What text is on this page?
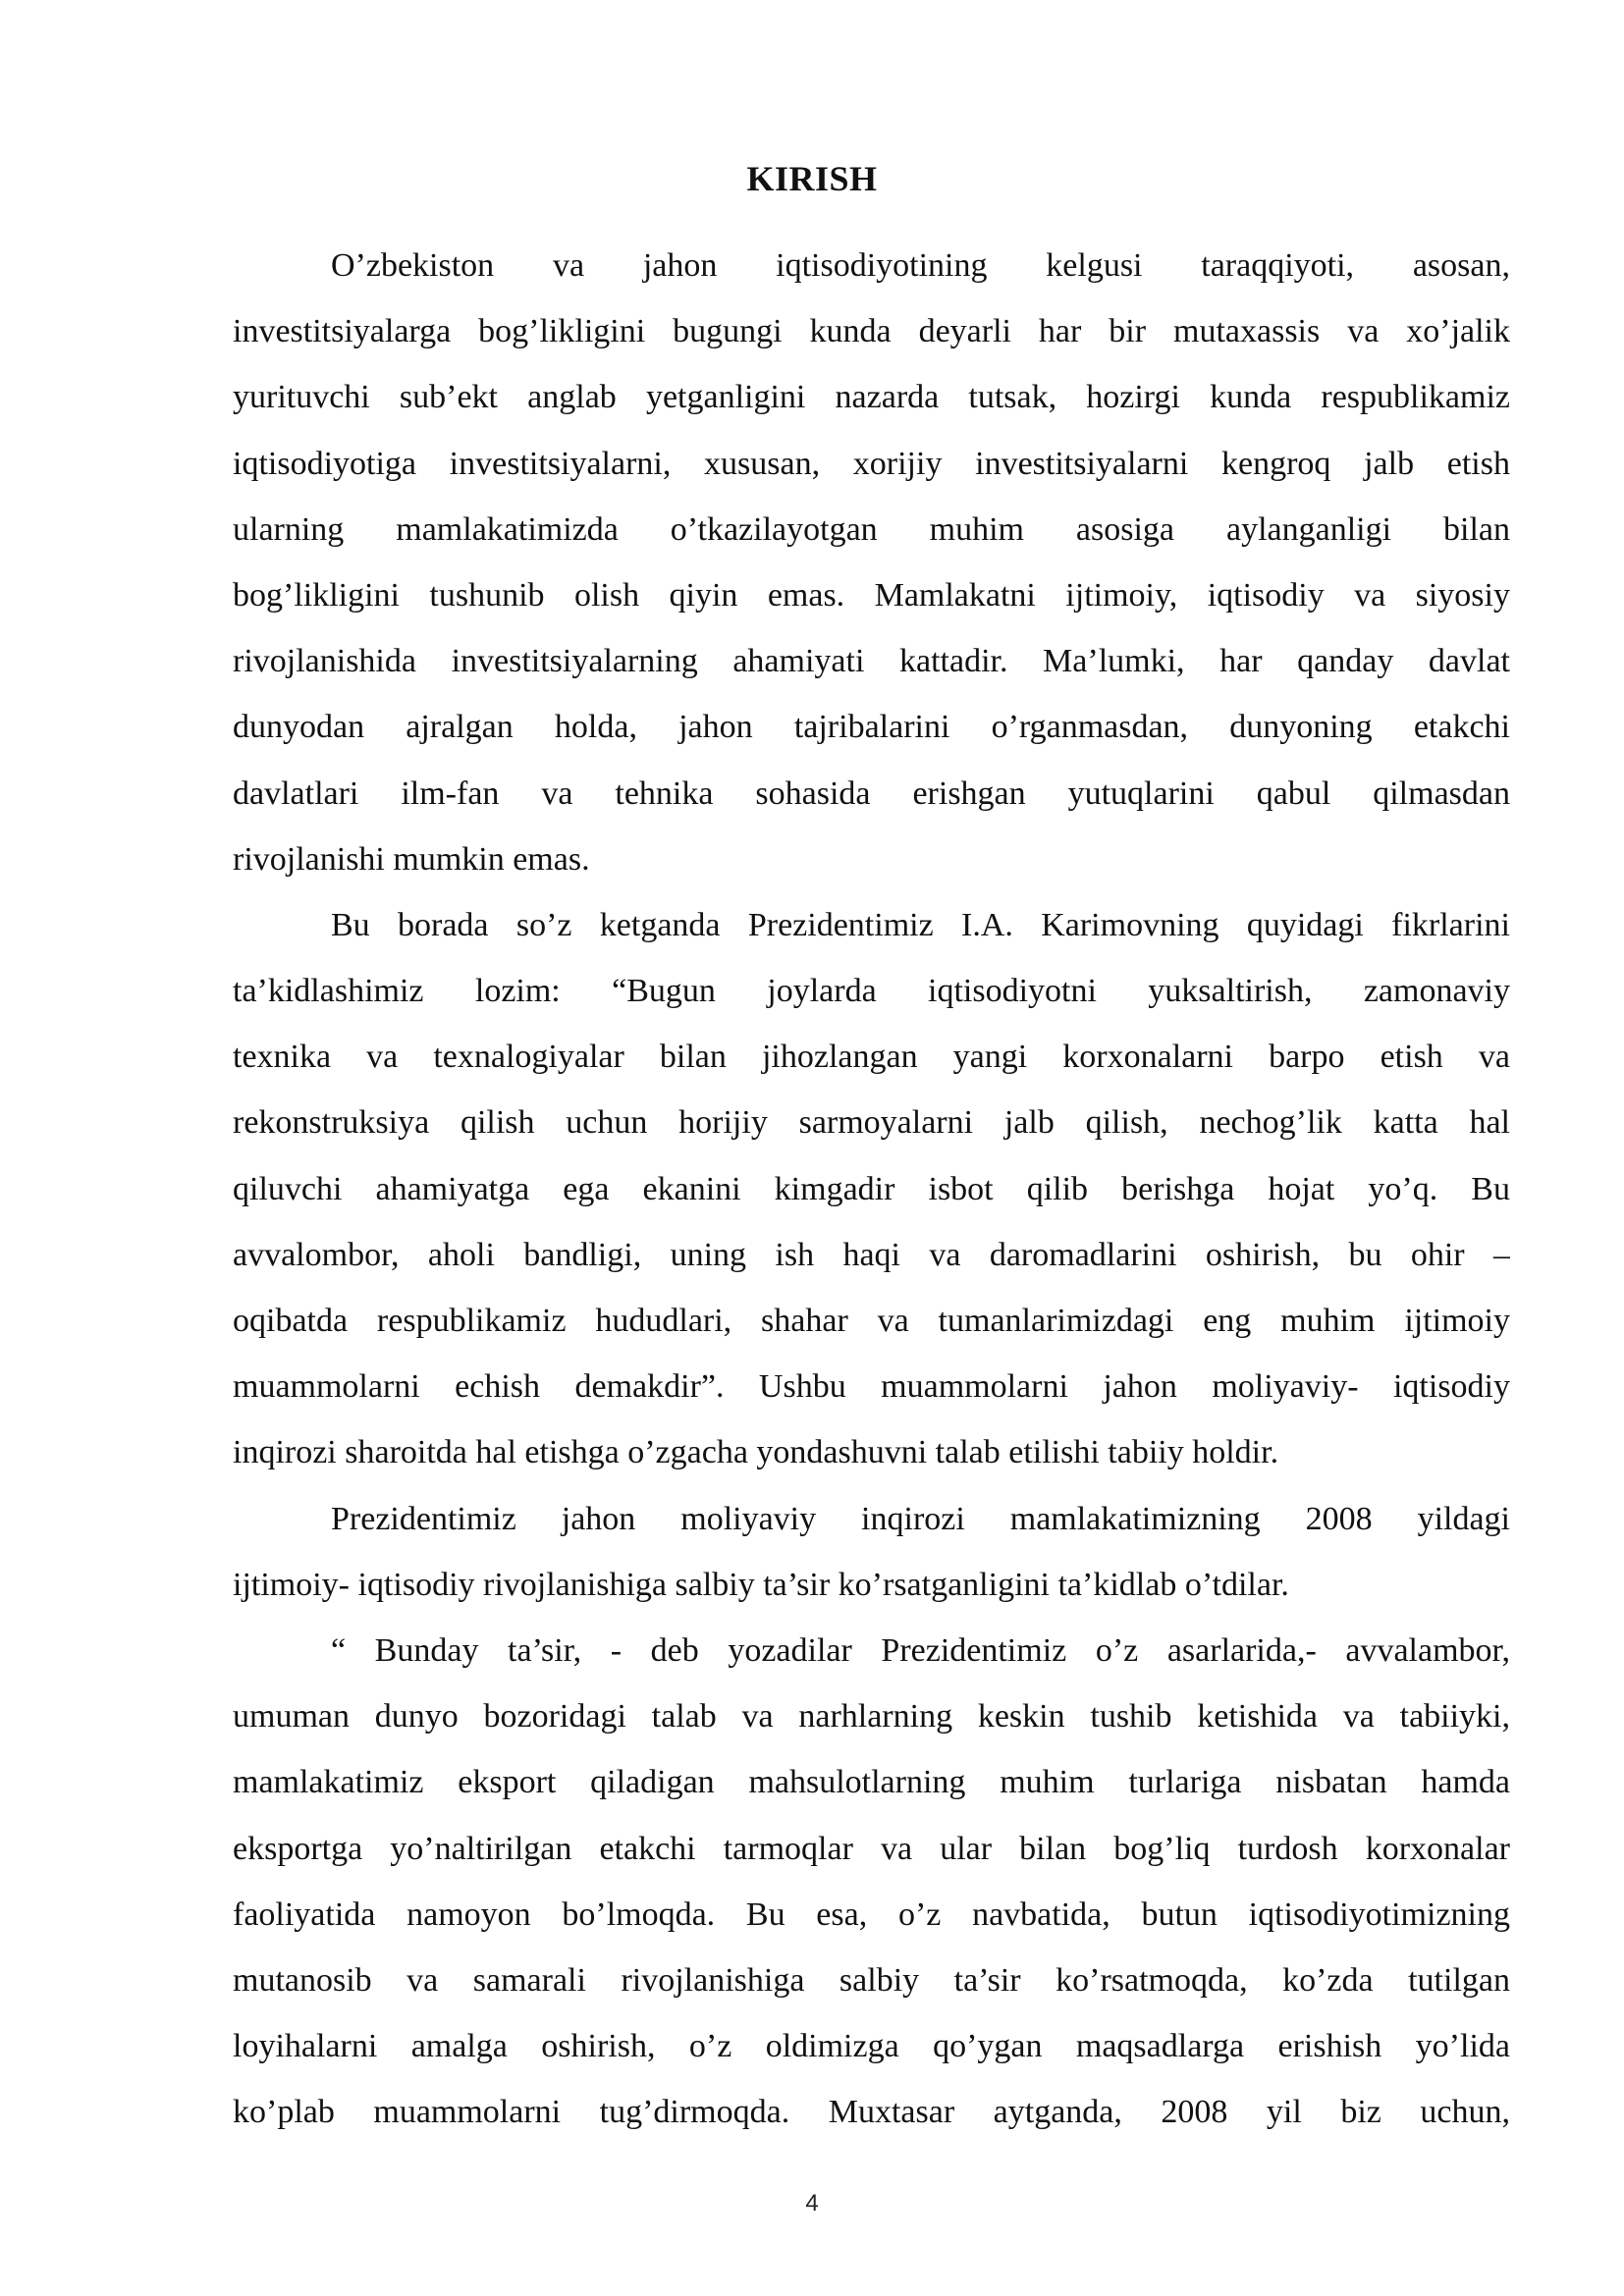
KIRISH
O’zbekiston va jahon iqtisodiyotining kelgusi taraqqiyoti, asosan,
investitsiyalarga bog’likligini bugungi kunda deyarli har bir mutaxassis va xo’jalik
yurituvchi sub’ekt anglab yetganligini nazarda tutsak, hozirgi kunda respublikamiz
iqtisodiyotiga investitsiyalarni, xususan, xorijiy investitsiyalarni kengroq jalb etish
ularning mamlakatimizda o’tkazilayotgan muhim asosiga aylanganligi bilan
bog’likligini tushunib olish qiyin emas. Mamlakatni ijtimoiy, iqtisodiy va siyosiy
rivojlanishida investitsiyalarning ahamiyati kattadir. Ma’lumki, har qanday davlat
dunyodan ajralgan holda, jahon tajribalarini o’rganmasdan, dunyoning etakchi
davlatlari ilm-fan va tehnika sohasida erishgan yutuqlarini qabul qilmasdan
rivojlanishi mumkin emas.
Bu borada so’z ketganda Prezidentimiz I.A. Karimovning quyidagi fikrlarini
ta’kidlashimiz lozim: “Bugun joylarda iqtisodiyotni yuksaltirish, zamonaviy
texnika va texnalogiyalar bilan jihozlangan yangi korxonalarni barpo etish va
rekonstruksiya qilish uchun horijiy sarmoyalarni jalb qilish, nechog’lik katta hal
qiluvchi ahamiyatga ega ekanini kimgadir isbot qilib berishga hojat yo’q. Bu
avvalombor, aholi bandligi, uning ish haqi va daromadlarini oshirish, bu ohir –
oqibatda respublikamiz hududlari, shahar va tumanlarimizdagi eng muhim ijtimoiy
muammolarni echish demakdir”. Ushbu muammolarni jahon moliyaviy- iqtisodiy
inqirozi sharoitda hal etishga o’zgacha yondashuvni talab etilishi tabiiy holdir.
Prezidentimiz jahon moliyaviy inqirozi mamlakatimizning 2008 yildagi
ijtimoiy- iqtisodiy rivojlanishiga salbiy ta’sir ko’rsatganligini ta’kidlab o’tdilar.
“ Bunday ta’sir, - deb yozadilar Prezidentimiz o’z asarlarida,- avvalambor,
umuman dunyo bozoridagi talab va narhlarning keskin tushib ketishida va tabiiyki,
mamlakatimiz eksport qiladigan mahsulotlarning muhim turlariga nisbatan hamda
eksportga yo’naltirilgan etakchi tarmoqlar va ular bilan bog’liq turdosh korxonalar
faoliyatida namoyon bo’lmoqda. Bu esa, o’z navbatida, butun iqtisodiyotimizning
mutanosib va samarali rivojlanishiga salbiy ta’sir ko’rsatmoqda, ko’zda tutilgan
loyihalarni amalga oshirish, o’z oldimizga qo’ygan maqsadlarga erishish yo’lida
ko’plab muammolarni tug’dirmoqda. Muxtasar aytganda, 2008 yil biz uchun,
4
